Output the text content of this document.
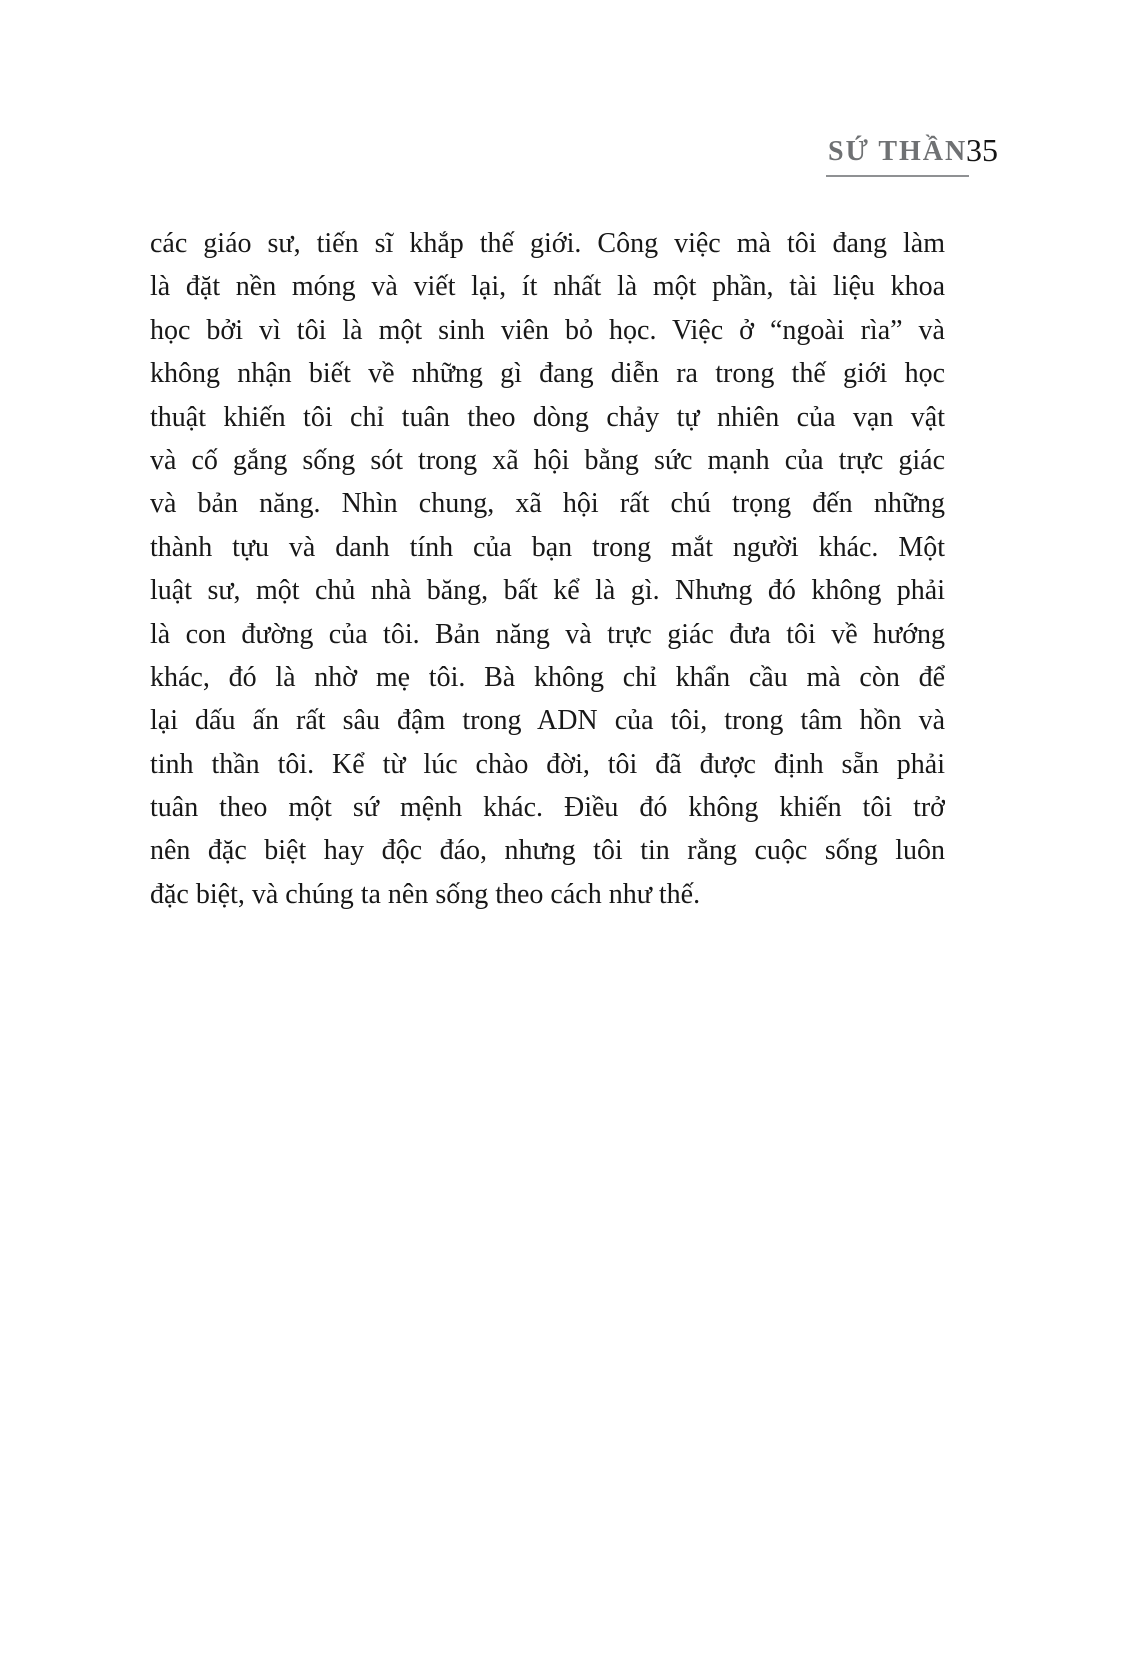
SỨ THẦN
35
các giáo sư, tiến sĩ khắp thế giới. Công việc mà tôi đang làm
là đặt nền móng và viết lại, ít nhất là một phần, tài liệu khoa
học bởi vì tôi là một sinh viên bỏ học. Việc ở “ngoài rìa” và
không nhận biết về những gì đang diễn ra trong thế giới học
thuật khiến tôi chỉ tuân theo dòng chảy tự nhiên của vạn vật
và cố gắng sống sót trong xã hội bằng sức mạnh của trực giác
và bản năng. Nhìn chung, xã hội rất chú trọng đến những
thành tựu và danh tính của bạn trong mắt người khác. Một
luật sư, một chủ nhà băng, bất kể là gì. Nhưng đó không phải
là con đường của tôi. Bản năng và trực giác đưa tôi về hướng
khác, đó là nhờ mẹ tôi. Bà không chỉ khẩn cầu mà còn để
lại dấu ấn rất sâu đậm trong ADN của tôi, trong tâm hồn và
tinh thần tôi. Kể từ lúc chào đời, tôi đã được định sẵn phải
tuân theo một sứ mệnh khác. Điều đó không khiến tôi trở
nên đặc biệt hay độc đáo, nhưng tôi tin rằng cuộc sống luôn
đặc biệt, và chúng ta nên sống theo cách như thế.
